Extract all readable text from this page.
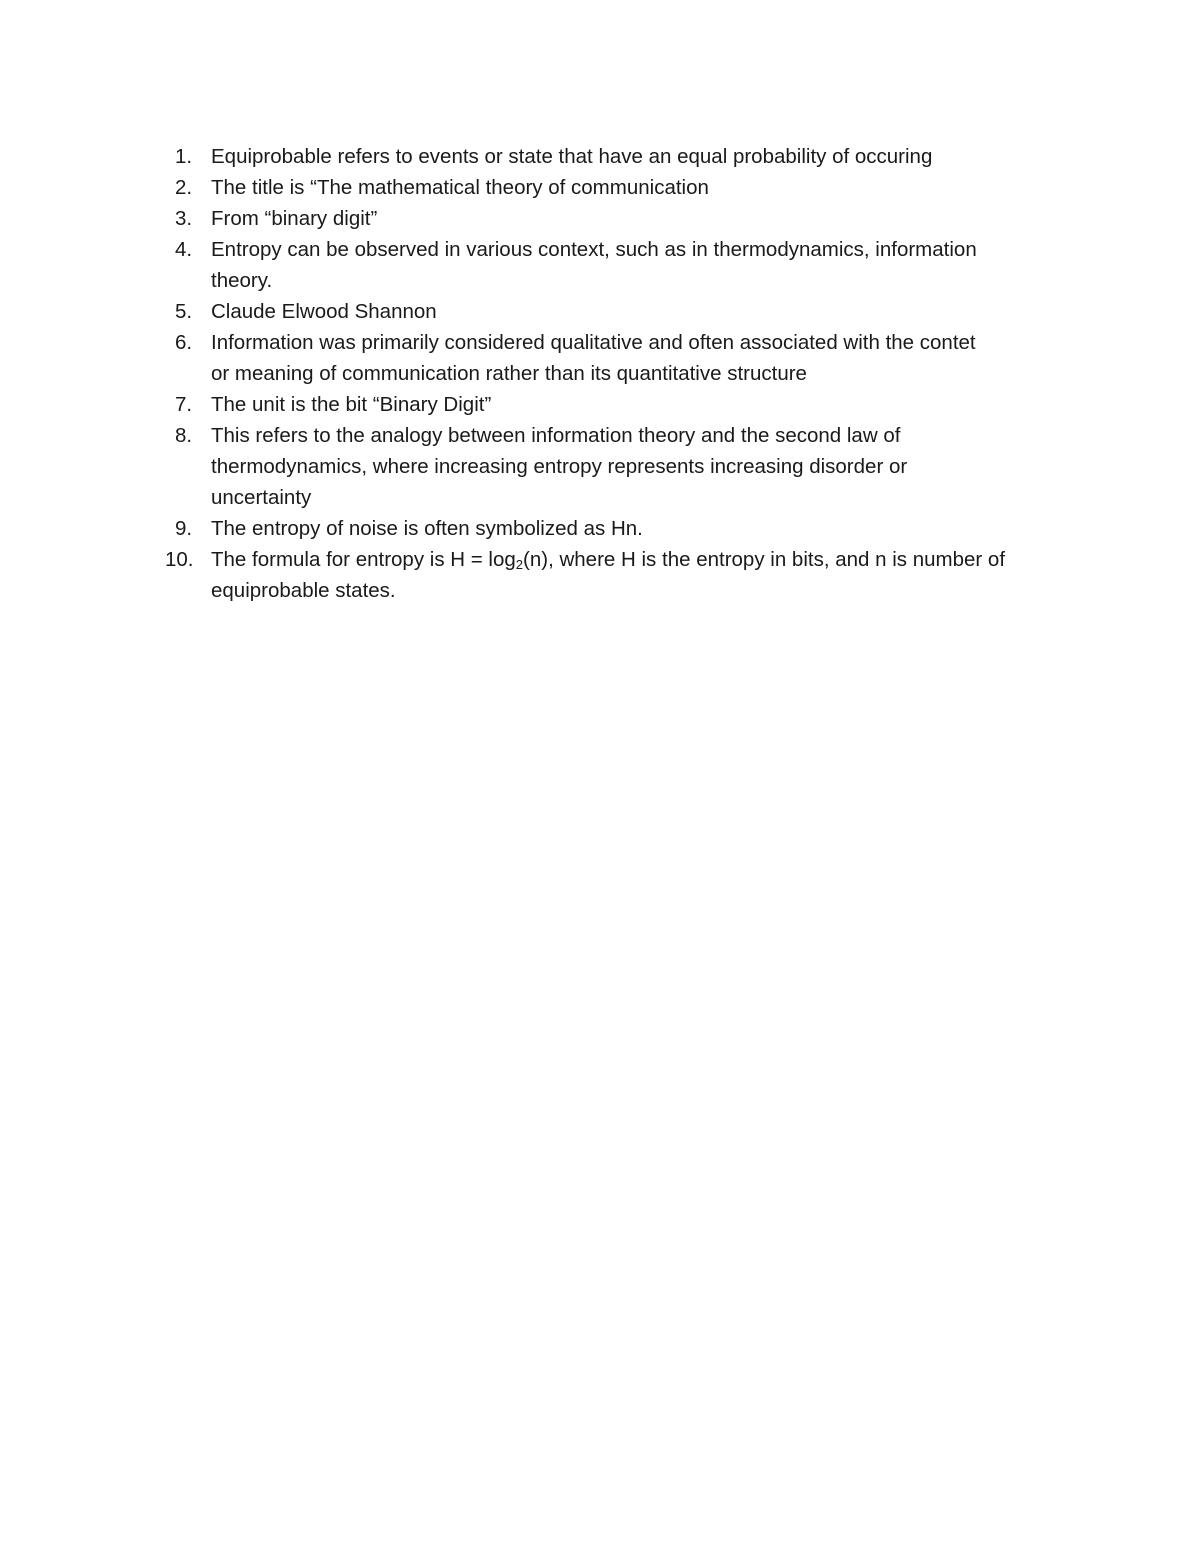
1. Equiprobable refers to events or state that have an equal probability of occuring
2. The title is “The mathematical theory of communication
3. From “binary digit”
4. Entropy can be observed in various context, such as in thermodynamics, information
theory.
5. Claude Elwood Shannon
6. Information was primarily considered qualitative and often associated with the contet
or meaning of communication rather than its quantitative structure
7. The unit is the bit “Binary Digit”
8. This refers to the analogy between information theory and the second law of
thermodynamics, where increasing entropy represents increasing disorder or
uncertainty
9. The entropy of noise is often symbolized as Hn.
10. The formula for entropy is $H = \log_2(n)$, where H is the entropy in bits, and n is number of
equiprobable states.
